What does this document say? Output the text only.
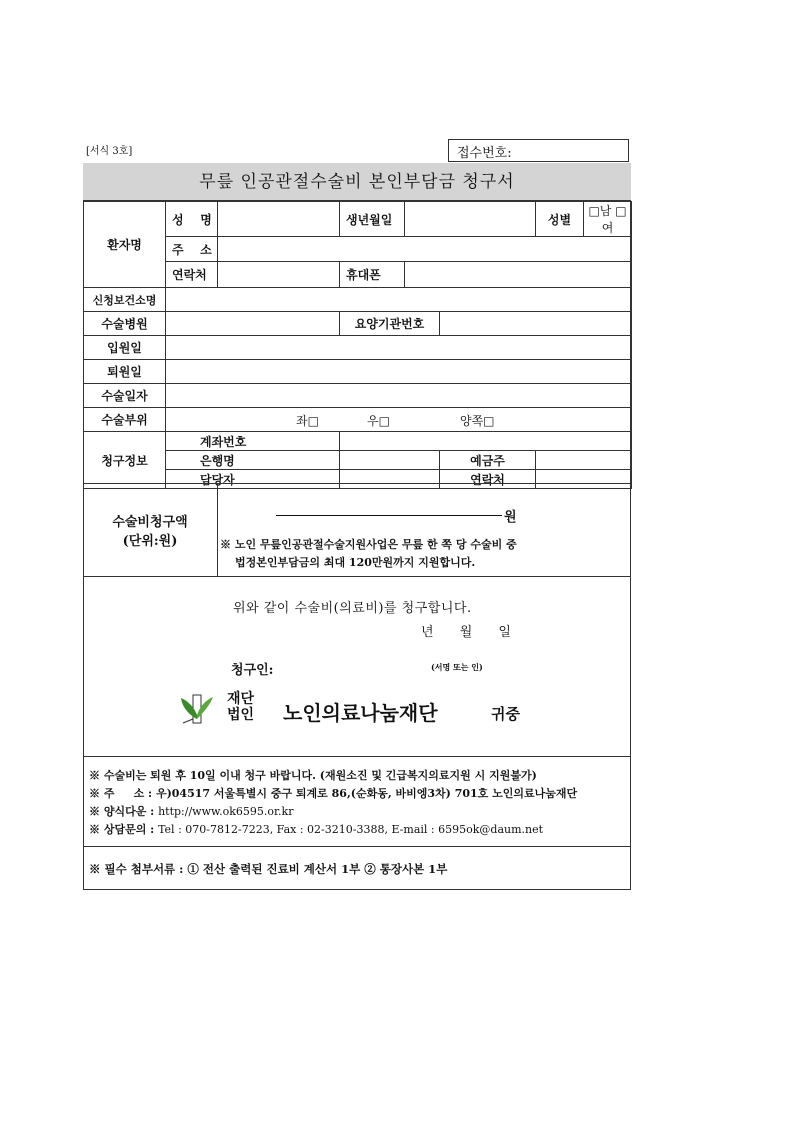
[서식 3호]	접수번호:
무릎 인공관절수술비 본인부담금 청구서
환자명	성    명		생년월일			성별	□남 □여
	주    소						
	연락처		휴대폰				
신청보건소명							
수술병원			요양기관번호				
입원일							
퇴원일							
수술일자							
수술부위	좌□ 우□ 양쪽□						

청구정보	계좌번호						
	은행명				예금주		
	담당자				연락처		
수술비청구액
(단위:원)
원
※ 노인 무릎인공관절수술지원사업은 무릎 한 쪽 당 수술비 중
법정본인부담금의 최대 120만원까지 지원합니다.
위와 같이 수술비(의료비)를 청구합니다.
년 월 일
청구인:	(서명 또는 인)
재단
법인 노인의료나눔재단	귀중
※ 수술비는 퇴원 후 10일 이내 청구 바랍니다. (재원소진 및 긴급복지의료지원 시 지원불가)
※ 주     소 : 우)04517 서울특별시 중구 퇴계로 86,(순화동, 바비엥3차) 701호 노인의료나눔재단
※ 양식다운 : http://www.ok6595.or.kr
※ 상담문의 : Tel : 070-7812-7223, Fax : 02-3210-3388, E-mail : 6595ok@daum.net
※ 필수 첨부서류 : ① 전산 출력된 진료비 계산서 1부 ② 통장사본 1부
